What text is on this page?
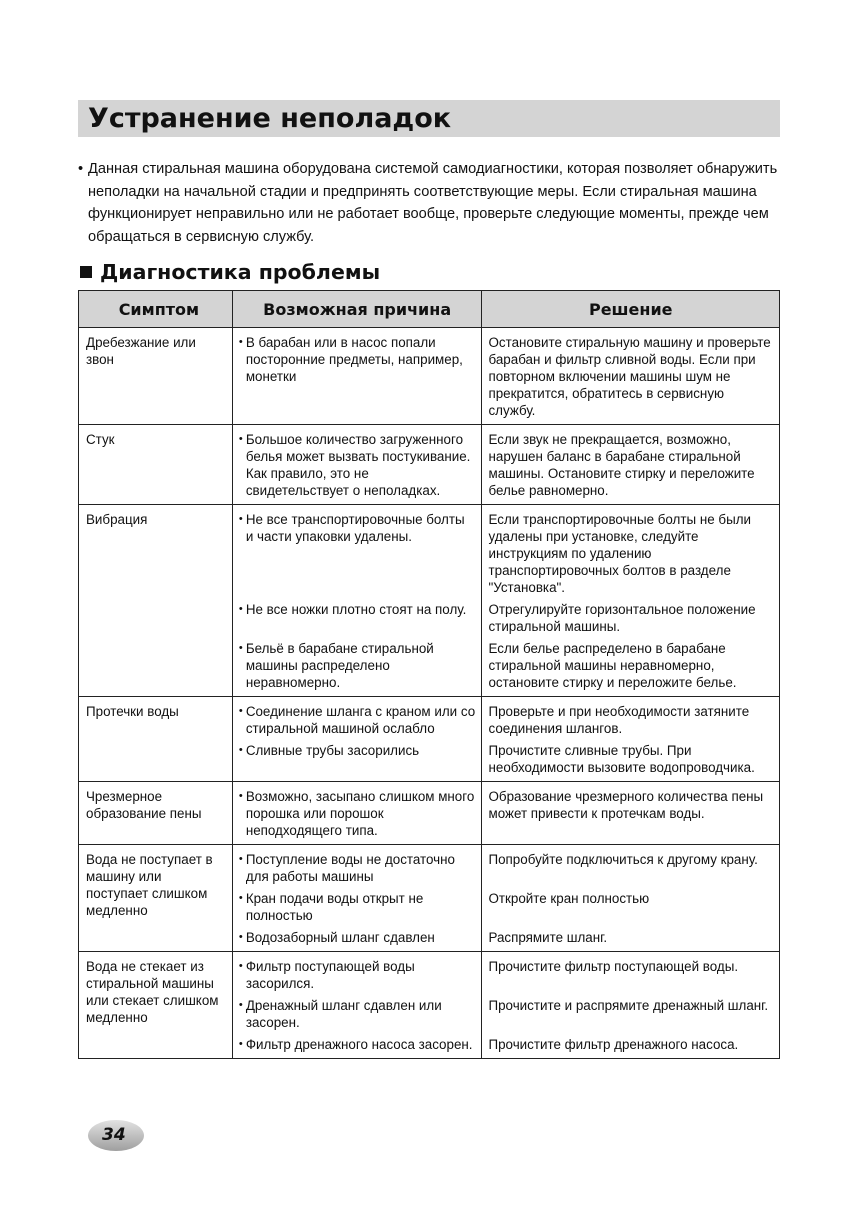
Устранение неполадок
• Данная стиральная машина оборудована системой самодиагностики, которая позволяет обнаружить неполадки на начальной стадии и предпринять соответствующие меры. Если стиральная машина функционирует неправильно или не работает вообще, проверьте следующие моменты, прежде чем обращаться в сервисную службу.

Диагностика проблемы
Симптом	Возможная причина	Решение
Дребезжание или звон	• В барабан или в насос попали посторонние предметы, например, монетки	Остановите стиральную машину и проверьте барабан и фильтр сливной воды. Если при повторном включении машины шум не прекратится, обратитесь в сервисную службу.
Стук	• Большое количество загруженного белья может вызвать постукивание. Как правило, это не свидетельствует о неполадках.	Если звук не прекращается, возможно, нарушен баланс в барабане стиральной машины. Остановите стирку и переложите белье равномерно.
Вибрация	• Не все транспортировочные болты и части упаковки удалены.	Если транспортировочные болты не были удалены при установке, следуйте инструкциям по удалению транспортировочных болтов в разделе "Установка".

	• Не все ножки плотно стоят на полу.	Отрегулируйте горизонтальное положение стиральной машины.

	• Бельё в барабане стиральной машины распределено неравномерно.	Если белье распределено в барабане стиральной машины неравномерно, остановите стирку и переложите белье.
Протечки воды	• Соединение шланга с краном или со стиральной машиной ослабло	Проверьте и при необходимости затяните соединения шлангов.

	• Сливные трубы засорились	Прочистите сливные трубы. При необходимости вызовите водопроводчика.
Чрезмерное образование пены	• Возможно, засыпано слишком много порошка или порошок неподходящего типа.	Образование чрезмерного количества пены может привести к протечкам воды.
Вода не поступает в машину или поступает слишком медленно	• Поступление воды не достаточно для работы машины	Попробуйте подключиться к другому крану.

	• Кран подачи воды открыт не полностью	Откройте кран полностью

	• Водозаборный шланг сдавлен	Распрямите шланг.
Вода не стекает из стиральной машины или стекает слишком медленно	• Фильтр поступающей воды засорился.	Прочистите фильтр поступающей воды.

	• Дренажный шланг сдавлен или засорен.	Прочистите и распрямите дренажный шланг.

	• Фильтр дренажного насоса засорен.	Прочистите фильтр дренажного насоса.
34
